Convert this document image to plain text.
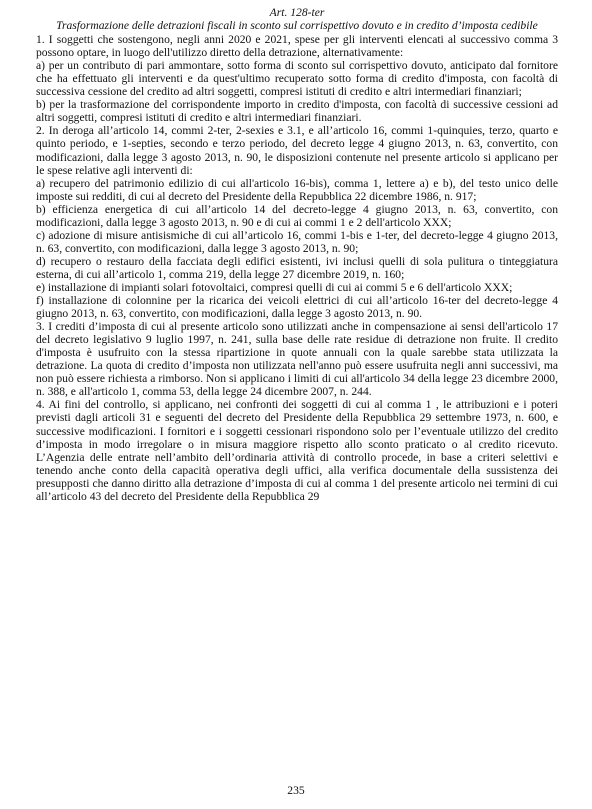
Art. 128-ter

Trasformazione delle detrazioni fiscali in sconto sul corrispettivo dovuto e in credito d’imposta cedibile

1. I soggetti che sostengono, negli anni 2020 e 2021, spese per gli interventi elencati al successivo comma 3 possono optare, in luogo dell'utilizzo diretto della detrazione, alternativamente:

a) per un contributo di pari ammontare, sotto forma di sconto sul corrispettivo dovuto, anticipato dal fornitore che ha effettuato gli interventi e da quest'ultimo recuperato sotto forma di credito d'imposta, con facoltà di successiva cessione del credito ad altri soggetti, compresi istituti di credito e altri intermediari finanziari;

b) per la trasformazione del corrispondente importo in credito d'imposta, con facoltà di successive cessioni ad altri soggetti, compresi istituti di credito e altri intermediari finanziari.

2. In deroga all’articolo 14, commi 2-ter, 2-sexies e 3.1, e all’articolo 16, commi 1-quinquies, terzo, quarto e quinto periodo, e 1-septies, secondo e terzo periodo, del decreto legge 4 giugno 2013, n. 63, convertito, con modificazioni, dalla legge 3 agosto 2013, n. 90, le disposizioni contenute nel presente articolo si applicano per le spese relative agli interventi di:

a) recupero del patrimonio edilizio di cui all'articolo 16-bis), comma 1, lettere a) e b), del testo unico delle imposte sui redditi, di cui al decreto del Presidente della Repubblica 22 dicembre 1986, n. 917;

b) efficienza energetica di cui all’articolo 14 del decreto-legge 4 giugno 2013, n. 63, convertito, con modificazioni, dalla legge 3 agosto 2013, n. 90 e di cui ai commi 1 e 2 dell'articolo XXX;

c) adozione di misure antisismiche di cui all’articolo 16, commi 1-bis e 1-ter, del decreto-legge 4 giugno 2013, n. 63, convertito, con modificazioni, dalla legge 3 agosto 2013, n. 90;

d) recupero o restauro della facciata degli edifici esistenti, ivi inclusi quelli di sola pulitura o tinteggiatura esterna, di cui all’articolo 1, comma 219, della legge 27 dicembre 2019, n. 160;

e) installazione di impianti solari fotovoltaici, compresi quelli di cui ai commi 5 e 6 dell'articolo XXX;

f) installazione di colonnine per la ricarica dei veicoli elettrici di cui all’articolo 16-ter del decreto-legge 4 giugno 2013, n. 63, convertito, con modificazioni, dalla legge 3 agosto 2013, n. 90.

3. I crediti d’imposta di cui al presente articolo sono utilizzati anche in compensazione ai sensi dell'articolo 17 del decreto legislativo 9 luglio 1997, n. 241, sulla base delle rate residue di detrazione non fruite. Il credito d'imposta è usufruito con la stessa ripartizione in quote annuali con la quale sarebbe stata utilizzata la detrazione. La quota di credito d’imposta non utilizzata nell'anno può essere usufruita negli anni successivi, ma non può essere richiesta a rimborso. Non si applicano i limiti di cui all'articolo 34 della legge 23 dicembre 2000, n. 388, e all'articolo 1, comma 53, della legge 24 dicembre 2007, n. 244.

4. Ai fini del controllo, si applicano, nei confronti dei soggetti di cui al comma 1 , le attribuzioni e i poteri previsti dagli articoli 31 e seguenti del decreto del Presidente della Repubblica 29 settembre 1973, n. 600, e successive modificazioni. I fornitori e i soggetti cessionari rispondono solo per l’eventuale utilizzo del credito d’imposta in modo irregolare o in misura maggiore rispetto allo sconto praticato o al credito ricevuto. L’Agenzia delle entrate nell’ambito dell’ordinaria attività di controllo procede, in base a criteri selettivi e tenendo anche conto della capacità operativa degli uffici, alla verifica documentale della sussistenza dei presupposti che danno diritto alla detrazione d’imposta di cui al comma 1 del presente articolo nei termini di cui all’articolo 43 del decreto del Presidente della Repubblica 29

235
